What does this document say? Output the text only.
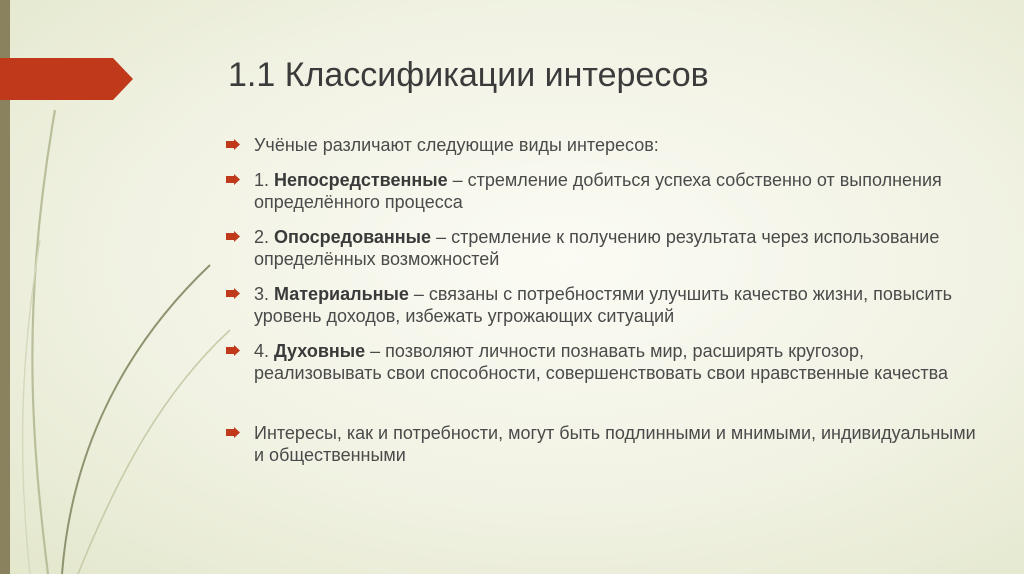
1.1 Классификации интересов
Учёные различают следующие виды интересов:
1. Непосредственные – стремление добиться успеха собственно от выполнения определённого процесса
2. Опосредованные – стремление к получению результата через использование определённых возможностей
3. Материальные – связаны с потребностями улучшить качество жизни, повысить уровень доходов, избежать угрожающих ситуаций
4. Духовные – позволяют личности познавать мир, расширять кругозор, реализовывать свои способности, совершенствовать свои нравственные качества
Интересы, как и потребности, могут быть подлинными и мнимыми, индивидуальными и общественными
